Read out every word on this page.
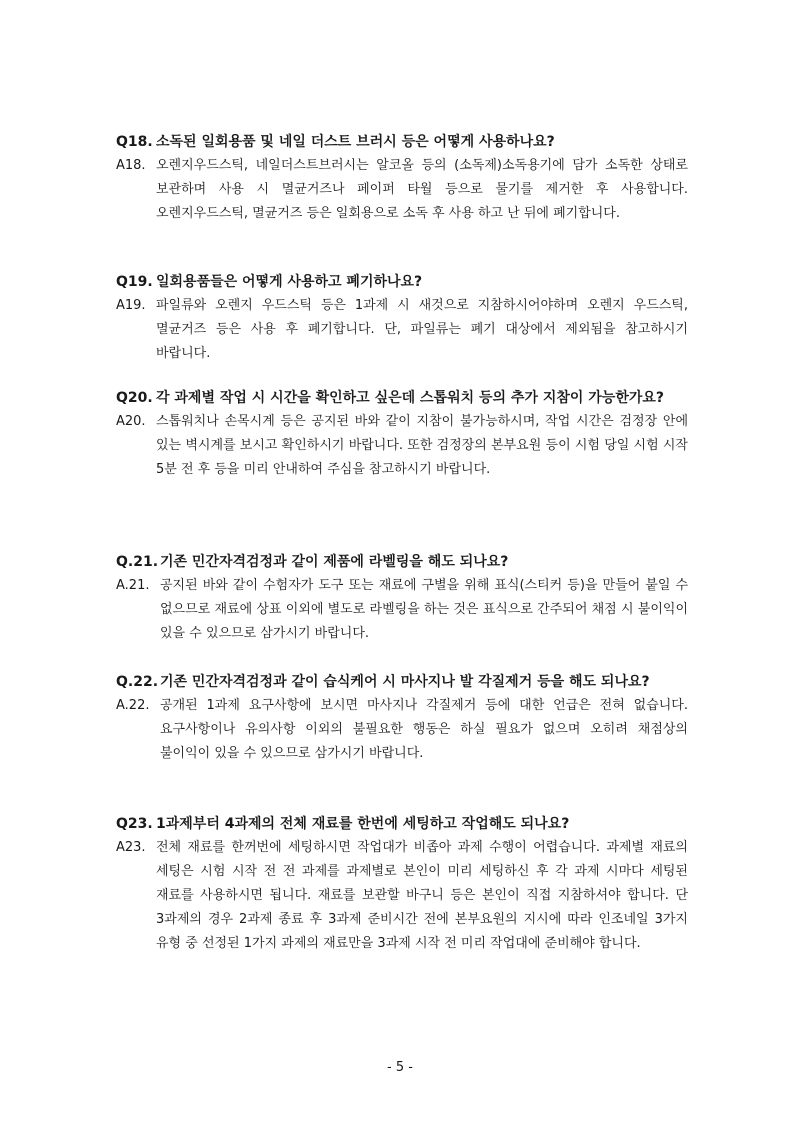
Q18. 소독된 일회용품 및 네일 더스트 브러시 등은 어떻게 사용하나요?

A18. 오렌지우드스틱, 네일더스트브러시는 알코올 등의 (소독제)소독용기에 담가 소독한 상태로 보관하며 사용 시 멸균거즈나 페이퍼 타월 등으로 물기를 제거한 후 사용합니다. 오렌지우드스틱, 멸균거즈 등은 일회용으로 소독 후 사용 하고 난 뒤에 폐기합니다.

Q19. 일회용품들은 어떻게 사용하고 폐기하나요?

A19. 파일류와 오렌지 우드스틱 등은 1과제 시 새것으로 지참하시어야하며 오렌지 우드스틱, 멸균거즈 등은 사용 후 폐기합니다. 단, 파일류는 폐기 대상에서 제외됨을 참고하시기 바랍니다.

Q20. 각 과제별 작업 시 시간을 확인하고 싶은데 스톱워치 등의 추가 지참이 가능한가요?

A20. 스톱워치나 손목시계 등은 공지된 바와 같이 지참이 불가능하시며, 작업 시간은 검정장 안에 있는 벽시계를 보시고 확인하시기 바랍니다. 또한 검정장의 본부요원 등이 시험 당일 시험 시작 5분 전 후 등을 미리 안내하여 주심을 참고하시기 바랍니다.

Q.21. 기존 민간자격검정과 같이 제품에 라벨링을 해도 되나요?

A.21. 공지된 바와 같이 수험자가 도구 또는 재료에 구별을 위해 표식(스티커 등)을 만들어 붙일 수 없으므로 재료에 상표 이외에 별도로 라벨링을 하는 것은 표식으로 간주되어 채점 시 불이익이 있을 수 있으므로 삼가시기 바랍니다.

Q.22. 기존 민간자격검정과 같이 습식케어 시 마사지나 발 각질제거 등을 해도 되나요?

A.22. 공개된 1과제 요구사항에 보시면 마사지나 각질제거 등에 대한 언급은 전혀 없습니다. 요구사항이나 유의사항 이외의 불필요한 행동은 하실 필요가 없으며 오히려 채점상의 불이익이 있을 수 있으므로 삼가시기 바랍니다.

Q23. 1과제부터 4과제의 전체 재료를 한번에 세팅하고 작업해도 되나요?

A23. 전체 재료를 한꺼번에 세팅하시면 작업대가 비좁아 과제 수행이 어렵습니다. 과제별 재료의 세팅은 시험 시작 전 전 과제를 과제별로 본인이 미리 세팅하신 후 각 과제 시마다 세팅된 재료를 사용하시면 됩니다. 재료를 보관할 바구니 등은 본인이 직접 지참하셔야 합니다. 단 3과제의 경우 2과제 종료 후 3과제 준비시간 전에 본부요원의 지시에 따라 인조네일 3가지 유형 중 선정된 1가지 과제의 재료만을 3과제 시작 전 미리 작업대에 준비해야 합니다.

- 5 -
